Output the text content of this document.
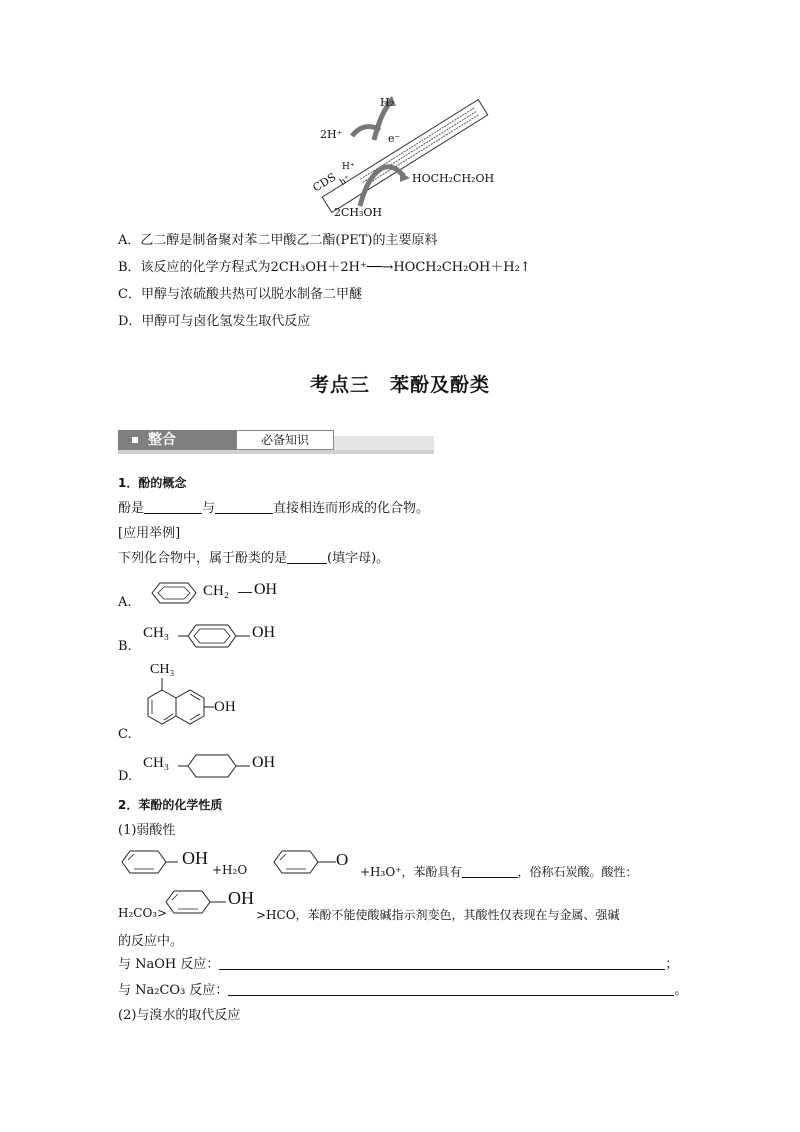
H₂
2H⁺	e⁻
H⁺
CDS h⁺	HOCH₂CH₂OH
2CH₃OH
A．乙二醇是制备聚对苯二甲酸乙二酯(PET)的主要原料
B．该反应的化学方程式为2CH₃OH＋2H⁺──→HOCH₂CH₂OH＋H₂↑
C．甲醇与浓硫酸共热可以脱水制备二甲醚
D．甲醇可与卤化氢发生取代反应
考点三　苯酚及酚类
整合	必备知识
1．酚的概念
酚是	与	直接相连而形成的化合物。
[应用举例]
下列化合物中，属于酚类的是	(填字母)。
A.
CH₂ OH
B.
CH₃	OH
CH₃
OH
C.
D.
CH₃	OH
2．苯酚的化学性质
(1)弱酸性
OH
+H₂O
O
+H₃O⁺，苯酚具有	，俗称石炭酸。酸性：
H₂CO₃>
OH
>HCO，苯酚不能使酸碱指示剂变色，其酸性仅表现在与金属、强碱
的反应中。
与 NaOH 反应：	；
与 Na₂CO₃ 反应：	。
(2)与溴水的取代反应
